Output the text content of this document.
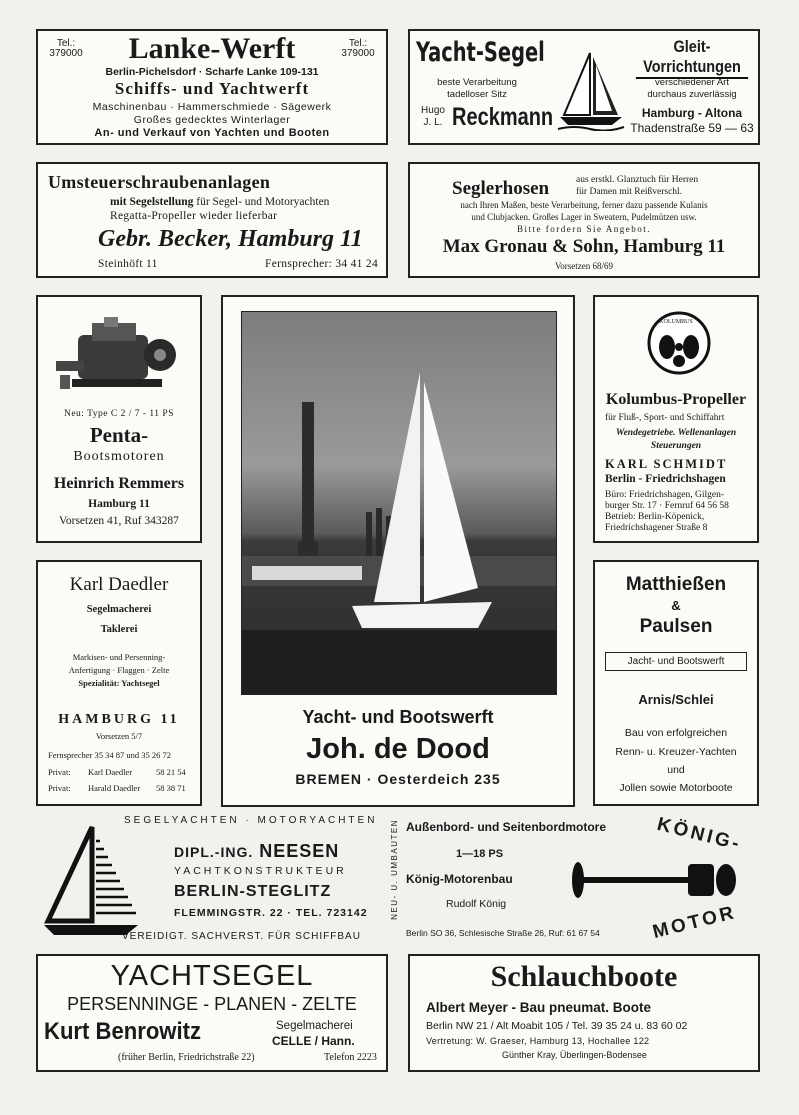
Tel.:
379000
Tel.:
379000
Lanke-Werft
Berlin-Pichelsdorf · Scharfe Lanke 109-131
Schiffs- und Yachtwerft
Maschinenbau · Hammerschmiede · Sägewerk
Großes gedecktes Winterlager
An- und Verkauf von Yachten und Booten
Yacht-Segel
beste Verarbeitung
tadelloser Sitz
Hugo
J. L. Reckmann
Gleit-Vorrichtungen
verschiedener Art
durchaus zuverlässig
Hamburg - Altona
Thadenstraße 59 — 63
Umsteuerschraubenanlagen
mit Segelstellung für Segel- und Motoryachten
Regatta-Propeller wieder lieferbar
Gebr. Becker, Hamburg 11
Steinhöft 11	Fernsprecher: 34 41 24
Seglerhosen	aus erstkl. Glanztuch für Herren
für Damen mit Reißverschl.
nach Ihren Maßen, beste Verarbeitung, ferner dazu passende Kulanis
und Clubjacken. Großes Lager in Sweatern, Pudelmützen usw.
Bitte fordern Sie Angebot.
Max Gronau & Sohn, Hamburg 11
Vorsetzen 68/69
Neu: Type C 2 / 7 - 11 PS
Penta-
Bootsmotoren
Heinrich Remmers
Hamburg 11
Vorsetzen 41, Ruf 343287
Yacht- und Bootswerft
Joh. de Dood
BREMEN · Oesterdeich 235
KOLUMBUS
Kolumbus-Propeller
für Fluß-, Sport- und Schiffahrt
Wendegetriebe. Wellenanlagen
Steuerungen
KARL SCHMIDT
Berlin - Friedrichshagen
Büro: Friedrichshagen, Gilgen-
burger Str. 17 · Fernruf 64 56 58
Betrieb: Berlin-Köpenick,
Friedrichshagener Straße 8
Karl Daedler
Segelmacherei
Taklerei
Markisen- und Persenning-
Anfertigung · Flaggen · Zelte
Spezialität: Yachtsegel
HAMBURG 11
Vorsetzen 5/7
Fernsprecher 35 34 87 und 35 26 72
Privat: Karl Daedler	58 21 54
Privat: Harald Daedler 58 38 71
Matthießen
&
Paulsen
Jacht- und Bootswerft
Arnis/Schlei
Bau von erfolgreichen
Renn- u. Kreuzer-Yachten
und
Jollen sowie Motorboote
SEGELYACHTEN · MOTORYACHTEN
DIPL.-ING. NEESEN
YACHTKONSTRUKTEUR
BERLIN-STEGLITZ
FLEMMINGSTR. 22 · TEL. 723142
VEREIDIGT. SACHVERST. FÜR SCHIFFBAU
NEU- U. UMBAUTEN Außenbord- und Seitenbordmotore
1—18 PS
König-Motorenbau
Rudolf König
Berlin SO 36, Schlesische Straße 26, Ruf: 61 67 54
KÖNIG-
MOTOR
YACHTSEGEL
PERSENNINGE - PLANEN - ZELTE
Kurt Benrowitz	Segelmacherei
CELLE / Hann.
(früher Berlin, Friedrichstraße 22)	Telefon 2223
Schlauchboote
Albert Meyer - Bau pneumat. Boote
Berlin NW 21 / Alt Moabit 105 / Tel. 39 35 24 u. 83 60 02
Vertretung: W. Graeser, Hamburg 13, Hochallee 122
Günther Kray, Überlingen-Bodensee
